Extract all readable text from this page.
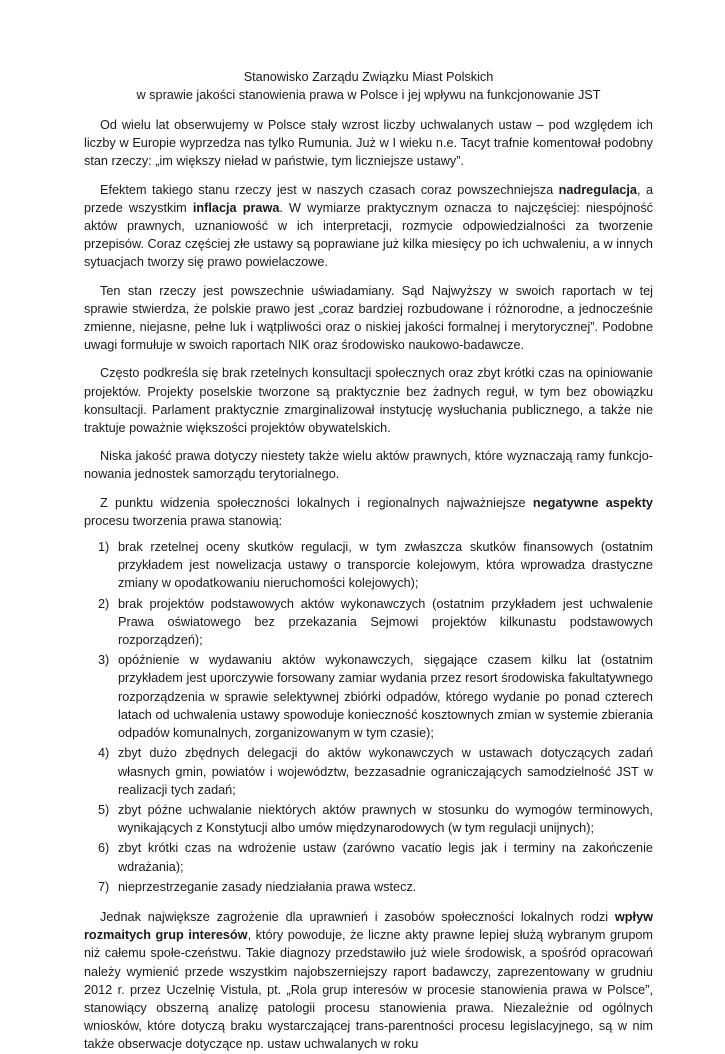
Stanowisko Zarządu Związku Miast Polskich

w sprawie jakości stanowienia prawa w Polsce i jej wpływu na funkcjonowanie JST

Od wielu lat obserwujemy w Polsce stały wzrost liczby uchwalanych ustaw – pod względem ich liczby w Europie wyprzedza nas tylko Rumunia. Już w I wieku n.e. Tacyt trafnie komentował podobny stan rzeczy: „im większy nieład w państwie, tym liczniejsze ustawy”.

Efektem takiego stanu rzeczy jest w naszych czasach coraz powszechniejsza nadregulacja, a przede wszystkim inflacja prawa. W wymiarze praktycznym oznacza to najczęściej: niespójność aktów prawnych, uznaniowość w ich interpretacji, rozmycie odpowiedzialności za tworzenie przepisów. Coraz częściej złe ustawy są poprawiane już kilka miesięcy po ich uchwaleniu, a w innych sytuacjach tworzy się prawo powielaczowe.

Ten stan rzeczy jest powszechnie uświadamiany. Sąd Najwyższy w swoich raportach w tej sprawie stwierdza, że polskie prawo jest „coraz bardziej rozbudowane i różnorodne, a jednocześnie zmienne, niejasne, pełne luk i wątpliwości oraz o niskiej jakości formalnej i merytorycznej”. Podobne uwagi formułuje w swoich raportach NIK oraz środowisko naukowo-badawcze.

Często podkreśla się brak rzetelnych konsultacji społecznych oraz zbyt krótki czas na opiniowanie projektów. Projekty poselskie tworzone są praktycznie bez żadnych reguł, w tym bez obowiązku konsultacji. Parlament praktycznie zmarginalizował instytucję wysłuchania publicznego, a także nie traktuje poważnie większości projektów obywatelskich.

Niska jakość prawa dotyczy niestety także wielu aktów prawnych, które wyznaczają ramy funkcjo-nowania jednostek samorządu terytorialnego.

Z punktu widzenia społeczności lokalnych i regionalnych najważniejsze negatywne aspekty procesu tworzenia prawa stanowią:

1) brak rzetelnej oceny skutków regulacji, w tym zwłaszcza skutków finansowych (ostatnim przykładem jest nowelizacja ustawy o transporcie kolejowym, która wprowadza drastyczne zmiany w opodatkowaniu nieruchomości kolejowych);
2) brak projektów podstawowych aktów wykonawczych (ostatnim przykładem jest uchwalenie Prawa oświatowego bez przekazania Sejmowi projektów kilkunastu podstawowych rozporządzeń);
3) opóźnienie w wydawaniu aktów wykonawczych, sięgające czasem kilku lat (ostatnim przykładem jest uporczywie forsowany zamiar wydania przez resort środowiska fakultatywnego rozporządzenia w sprawie selektywnej zbiórki odpadów, którego wydanie po ponad czterech latach od uchwalenia ustawy spowoduje konieczność kosztownych zmian w systemie zbierania odpadów komunalnych, zorganizowanym w tym czasie);
4) zbyt dużo zbędnych delegacji do aktów wykonawczych w ustawach dotyczących zadań własnych gmin, powiatów i województw, bezzasadnie ograniczających samodzielność JST w realizacji tych zadań;
5) zbyt późne uchwalanie niektórych aktów prawnych w stosunku do wymogów terminowych, wynikających z Konstytucji albo umów międzynarodowych (w tym regulacji unijnych);
6) zbyt krótki czas na wdrożenie ustaw (zarówno vacatio legis jak i terminy na zakończenie wdrażania);
7) nieprzestrzeganie zasady niedziałania prawa wstecz.

Jednak największe zagrożenie dla uprawnień i zasobów społeczności lokalnych rodzi wpływ rozmaitych grup interesów, który powoduje, że liczne akty prawne lepiej służą wybranym grupom niż całemu społe-czeństwu. Takie diagnozy przedstawiło już wiele środowisk, a spośród opracowań należy wymienić przede wszystkim najobszerniejszy raport badawczy, zaprezentowany w grudniu 2012 r. przez Uczelnię Vistula, pt. „Rola grup interesów w procesie stanowienia prawa w Polsce”, stanowiący obszerną analizę patologii procesu stanowienia prawa. Niezależnie od ogólnych wniosków, które dotyczą braku wystarczającej trans-parentności procesu legislacyjnego, są w nim także obserwacje dotyczące np. ustaw uchwalanych w roku
